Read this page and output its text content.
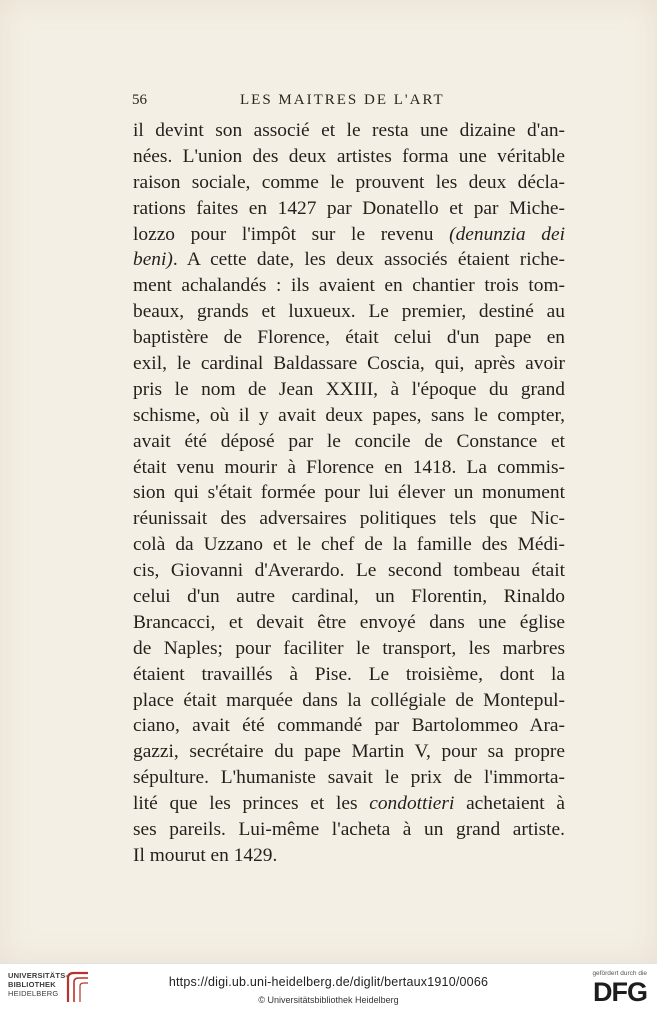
56	LES MAITRES DE L'ART
il devint son associé et le resta une dizaine d'an-
nées. L'union des deux artistes forma une véritable
raison sociale, comme le prouvent les deux décla-
rations faites en 1427 par Donatello et par Miche-
lozzo pour l'impôt sur le revenu (denunzia dei
beni). A cette date, les deux associés étaient riche-
ment achalandés : ils avaient en chantier trois tom-
beaux, grands et luxueux. Le premier, destiné au
baptistère de Florence, était celui d'un pape en
exil, le cardinal Baldassare Coscia, qui, après avoir
pris le nom de Jean XXIII, à l'époque du grand
schisme, où il y avait deux papes, sans le compter,
avait été déposé par le concile de Constance et
était venu mourir à Florence en 1418. La commis-
sion qui s'était formée pour lui élever un monument
réunissait des adversaires politiques tels que Nic-
colà da Uzzano et le chef de la famille des Médi-
cis, Giovanni d'Averardo. Le second tombeau était
celui d'un autre cardinal, un Florentin, Rinaldo
Brancacci, et devait être envoyé dans une église
de Naples; pour faciliter le transport, les marbres
étaient travaillés à Pise. Le troisième, dont la
place était marquée dans la collégiale de Montepul-
ciano, avait été commandé par Bartolommeo Ara-
gazzi, secrétaire du pape Martin V, pour sa propre
sépulture. L'humaniste savait le prix de l'immorta-
lité que les princes et les condottieri achetaient à
ses pareils. Lui-même l'acheta à un grand artiste.
Il mourut en 1429.
UNIVERSITÄTS-
BIBLIOTHEK
HEIDELBERG
https://digi.ub.uni-heidelberg.de/diglit/bertaux1910/0066
© Universitätsbibliothek Heidelberg
gefördert durch die
DFG
